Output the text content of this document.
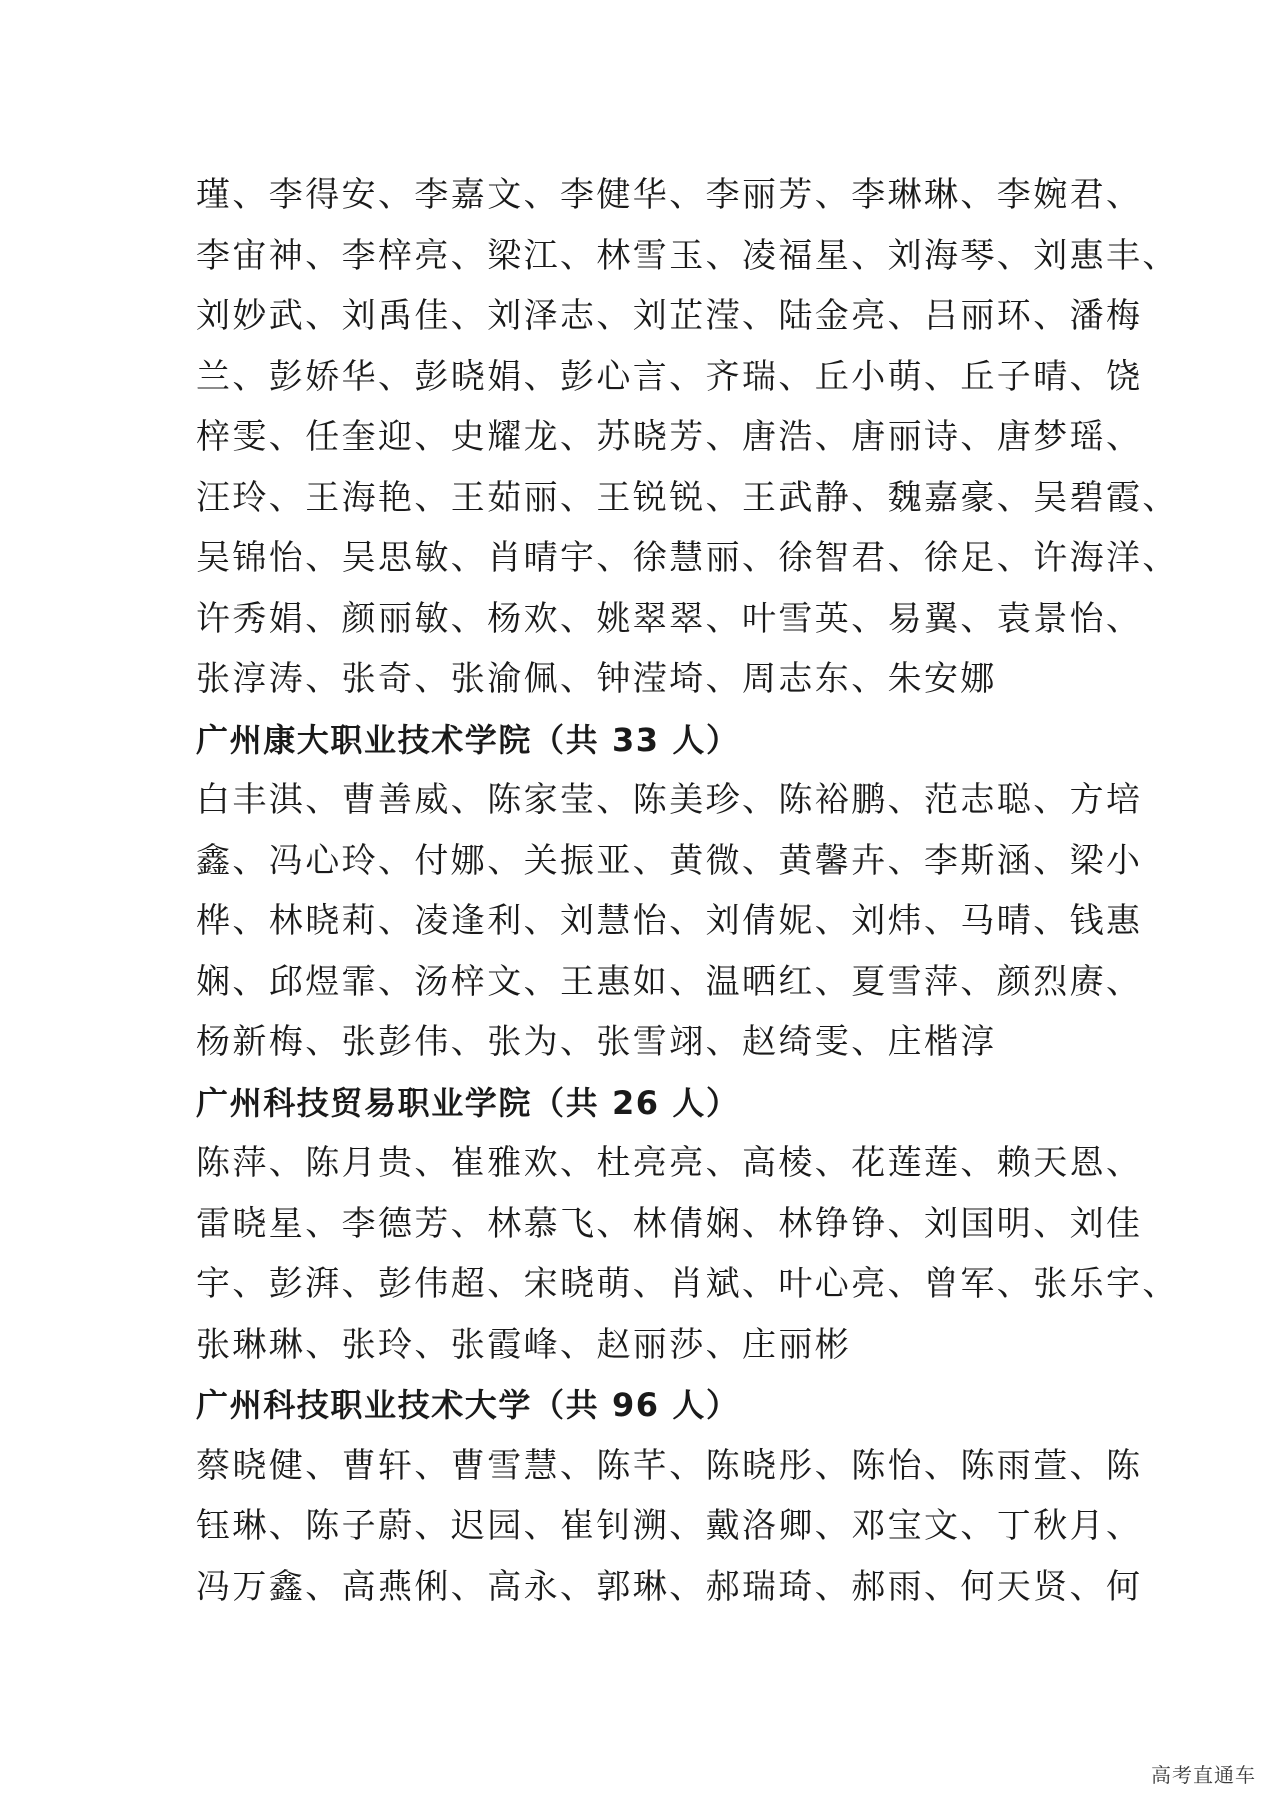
瑾、李得安、李嘉文、李健华、李丽芳、李琳琳、李婉君、
李宙神、李梓亮、梁江、林雪玉、凌福星、刘海琴、刘惠丰、
刘妙武、刘禹佳、刘泽志、刘芷滢、陆金亮、吕丽环、潘梅
兰、彭娇华、彭晓娟、彭心言、齐瑞、丘小萌、丘子晴、饶
梓雯、任奎迎、史耀龙、苏晓芳、唐浩、唐丽诗、唐梦瑶、
汪玲、王海艳、王茹丽、王锐锐、王武静、魏嘉豪、吴碧霞、
吴锦怡、吴思敏、肖晴宇、徐慧丽、徐智君、徐足、许海洋、
许秀娟、颜丽敏、杨欢、姚翠翠、叶雪英、易翼、袁景怡、
张淳涛、张奇、张渝佩、钟滢埼、周志东、朱安娜
广州康大职业技术学院（共 33 人）
白丰淇、曹善威、陈家莹、陈美珍、陈裕鹏、范志聪、方培
鑫、冯心玲、付娜、关振亚、黄微、黄馨卉、李斯涵、梁小
桦、林晓莉、凌逢利、刘慧怡、刘倩妮、刘炜、马晴、钱惠
娴、邱煜霏、汤梓文、王惠如、温晒红、夏雪萍、颜烈赓、
杨新梅、张彭伟、张为、张雪翊、赵绮雯、庄楷淳
广州科技贸易职业学院（共 26 人）
陈萍、陈月贵、崔雅欢、杜亮亮、高棱、花莲莲、赖天恩、
雷晓星、李德芳、林慕飞、林倩娴、林铮铮、刘国明、刘佳
宇、彭湃、彭伟超、宋晓萌、肖斌、叶心亮、曾军、张乐宇、
张琳琳、张玲、张霞峰、赵丽莎、庄丽彬
广州科技职业技术大学（共 96 人）
蔡晓健、曹轩、曹雪慧、陈芊、陈晓彤、陈怡、陈雨萱、陈
钰琳、陈子蔚、迟园、崔钊溯、戴洛卿、邓宝文、丁秋月、
冯万鑫、高燕俐、高永、郭琳、郝瑞琦、郝雨、何天贤、何
高考直通车
